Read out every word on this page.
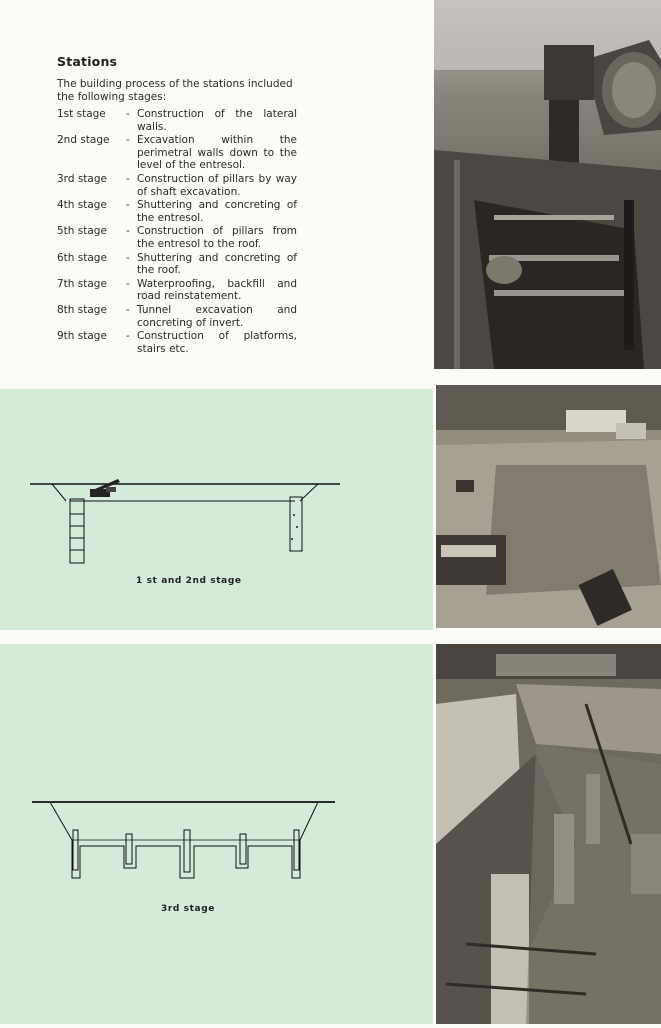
Stations
The building process of the stations included the following stages:
1st stage	- Construction of the lateral walls.
2nd stage	- Excavation within the perimetral walls down to the level of the entresol.
3rd stage	- Construction of pillars by way of shaft excavation.
4th stage	- Shuttering and concreting of the entresol.
5th stage	- Construction of pillars from the entresol to the roof.
6th stage	- Shuttering and concreting of the roof.
7th stage	- Waterproofing, backfill and road reinstatement.
8th stage	- Tunnel excavation and concreting of invert.
9th stage	- Construction of platforms, stairs etc.
1 st and 2nd stage
3rd stage
